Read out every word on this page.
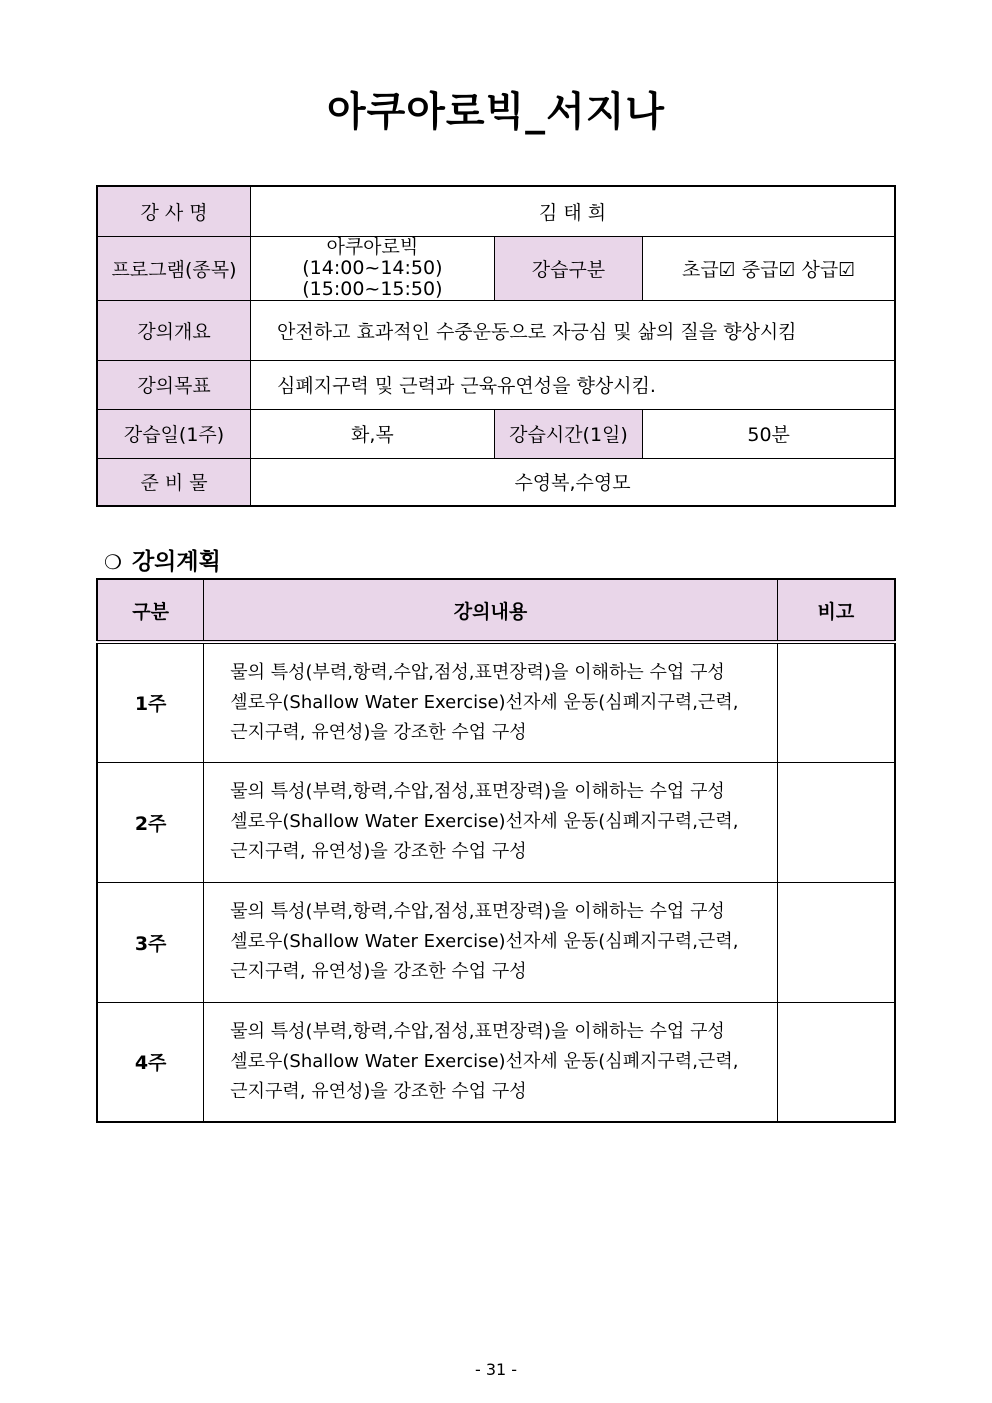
아쿠아로빅_서지나
강 사 명	김 태 희		
프로그램(종목)	아쿠아로빅
(14:00~14:50)
(15:00~15:50)	강습구분	초급☑ 중급☑ 상급☑
강의개요	안전하고 효과적인 수중운동으로 자긍심 및 삶의 질을 향상시킴		
강의목표	심폐지구력 및 근력과 근육유연성을 향상시킴.		
강습일(1주)	화,목	강습시간(1일)	50분
준 비 물	수영복,수영모		
❍ 강의계획
구분	강의내용	비고
1주	물의 특성(부력,항력,수압,점성,표면장력)을 이해하는 수업 구성
셀로우(Shallow Water Exercise)선자세 운동(심폐지구력,근력,
근지구력, 유연성)을 강조한 수업 구성	

2주	물의 특성(부력,항력,수압,점성,표면장력)을 이해하는 수업 구성
셀로우(Shallow Water Exercise)선자세 운동(심폐지구력,근력,
근지구력, 유연성)을 강조한 수업 구성	

3주	물의 특성(부력,항력,수압,점성,표면장력)을 이해하는 수업 구성
셀로우(Shallow Water Exercise)선자세 운동(심폐지구력,근력,
근지구력, 유연성)을 강조한 수업 구성	

4주	물의 특성(부력,항력,수압,점성,표면장력)을 이해하는 수업 구성
셀로우(Shallow Water Exercise)선자세 운동(심폐지구력,근력,
근지구력, 유연성)을 강조한 수업 구성	

- 31 -
